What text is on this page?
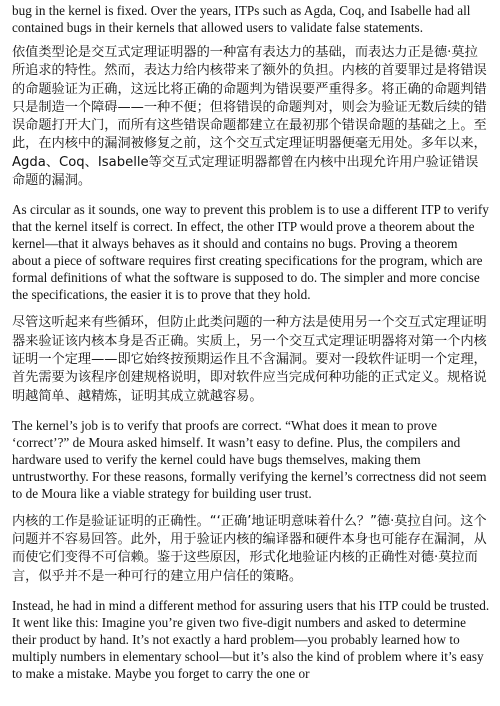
bug in the kernel is fixed. Over the years, ITPs such as Agda, Coq, and Isabelle had all contained bugs in their kernels that allowed users to validate false statements.

依值类型论是交互式定理证明器的一种富有表达力的基础，而表达力正是德·莫拉所追求的特性。然而，表达力给内核带来了额外的负担。内核的首要罪过是将错误的命题验证为正确，这远比将正确的命题判为错误要严重得多。将正确的命题判错只是制造一个障碍——一种不便；但将错误的命题判对，则会为验证无数后续的错误命题打开大门，而所有这些错误命题都建立在最初那个错误命题的基础之上。至此，在内核中的漏洞被修复之前，这个交互式定理证明器便毫无用处。多年以来，Agda、Coq、Isabelle等交互式定理证明器都曾在内核中出现允许用户验证错误命题的漏洞。

As circular as it sounds, one way to prevent this problem is to use a different ITP to verify that the kernel itself is correct. In effect, the other ITP would prove a theorem about the kernel—that it always behaves as it should and contains no bugs. Proving a theorem about a piece of software requires first creating specifications for the program, which are formal definitions of what the software is supposed to do. The simpler and more concise the specifications, the easier it is to prove that they hold.

尽管这听起来有些循环，但防止此类问题的一种方法是使用另一个交互式定理证明器来验证该内核本身是否正确。实质上，另一个交互式定理证明器将对第一个内核证明一个定理——即它始终按预期运作且不含漏洞。要对一段软件证明一个定理，首先需要为该程序创建规格说明，即对软件应当完成何种功能的正式定义。规格说明越简单、越精炼，证明其成立就越容易。

The kernel’s job is to verify that proofs are correct. “What does it mean to prove ‘correct’?” de Moura asked himself. It wasn’t easy to define. Plus, the compilers and hardware used to verify the kernel could have bugs themselves, making them untrustworthy. For these reasons, formally verifying the kernel’s correctness did not seem to de Moura like a viable strategy for building user trust.

内核的工作是验证证明的正确性。“‘正确’地证明意味着什么？”德·莫拉自问。这个问题并不容易回答。此外，用于验证内核的编译器和硬件本身也可能存在漏洞，从而使它们变得不可信赖。鉴于这些原因，形式化地验证内核的正确性对德·莫拉而言，似乎并不是一种可行的建立用户信任的策略。

Instead, he had in mind a different method for assuring users that his ITP could be trusted. It went like this: Imagine you’re given two five-digit numbers and asked to determine their product by hand. It’s not exactly a hard problem—you probably learned how to multiply numbers in elementary school—but it’s also the kind of problem where it’s easy to make a mistake. Maybe you forget to carry the one or
